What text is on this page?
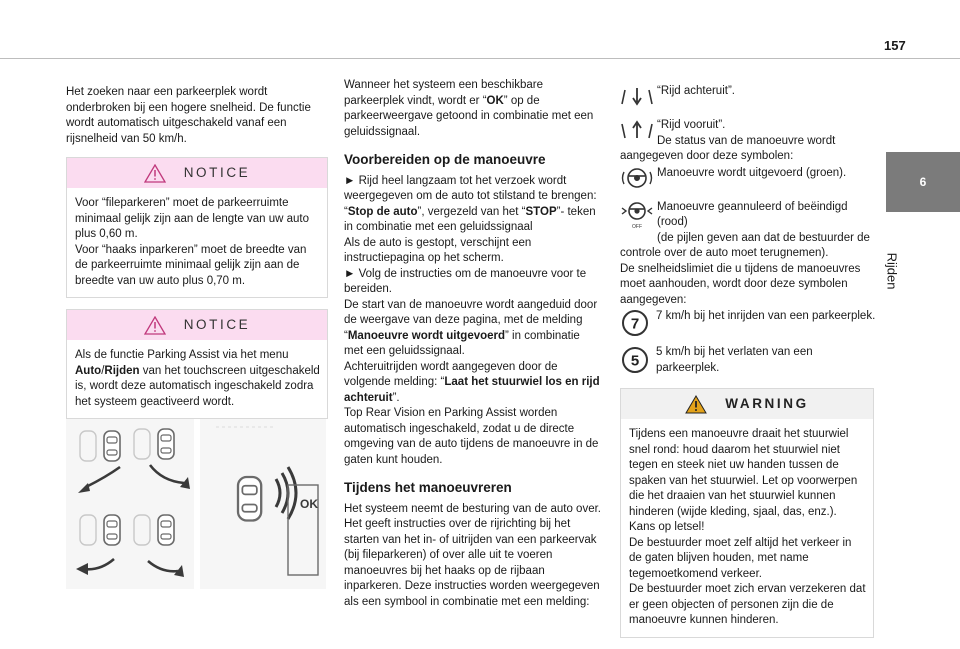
157
6
Rijden

Het zoeken naar een parkeerplek wordt onderbroken bij een hogere snelheid. De functie wordt automatisch uitgeschakeld vanaf een rijsnelheid van 50 km/h.

NOTICE

Voor “fileparkeren” moet de parkeerruimte minimaal gelijk zijn aan de lengte van uw auto plus 0,60 m.

Voor “haaks inparkeren” moet de breedte van de parkeerruimte minimaal gelijk zijn aan de breedte van uw auto plus 0,70 m.

NOTICE

Als de functie Parking Assist via het menu Auto/Rijden van het touchscreen uitgeschakeld is, wordt deze automatisch ingeschakeld zodra het systeem geactiveerd wordt.

OK

Wanneer het systeem een beschikbare parkeerplek vindt, wordt er “OK” op de parkeerweergave getoond in combinatie met een geluidssignaal.

Voorbereiden op de manoeuvre

► Rijd heel langzaam tot het verzoek wordt weergegeven om de auto tot stilstand te brengen: “Stop de auto”, vergezeld van het “STOP”- teken in combinatie met een geluidssignaal

Als de auto is gestopt, verschijnt een instructiepagina op het scherm.

► Volg de instructies om de manoeuvre voor te bereiden.

De start van de manoeuvre wordt aangeduid door de weergave van deze pagina, met de melding “Manoeuvre wordt uitgevoerd” in combinatie met een geluidssignaal.

Achteruitrijden wordt aangegeven door de volgende melding: “Laat het stuurwiel los en rijd achteruit”.

Top Rear Vision en Parking Assist worden automatisch ingeschakeld, zodat u de directe omgeving van de auto tijdens de manoeuvre in de gaten kunt houden.

Tijdens het manoeuvreren

Het systeem neemt de besturing van de auto over. Het geeft instructies over de rijrichting bij het starten van het in- of uitrijden van een parkeervak (bij fileparkeren) of over alle uit te voeren manoeuvres bij het haaks op de rijbaan inparkeren. Deze instructies worden weergegeven als een symbool in combinatie met een melding:

“Rijd achteruit”.

“Rijd vooruit”.

De status van de manoeuvre wordt

aangegeven door deze symbolen:

Manoeuvre wordt uitgevoerd (groen).
OFF

Manoeuvre geannuleerd of beëindigd (rood)

(de pijlen geven aan dat de bestuurder de

controle over de auto moet terugnemen).

De snelheidslimiet die u tijdens de manoeuvres moet aanhouden, wordt door deze symbolen aangegeven:

7 7 km/h bij het inrijden van een parkeerplek.
5

5 km/h bij het verlaten van een

parkeerplek.

WARNING

Tijdens een manoeuvre draait het stuurwiel snel rond: houd daarom het stuurwiel niet tegen en steek niet uw handen tussen de spaken van het stuurwiel. Let op voorwerpen die het draaien van het stuurwiel kunnen hinderen (wijde kleding, sjaal, das, enz.). Kans op letsel!

De bestuurder moet zelf altijd het verkeer in de gaten blijven houden, met name tegemoetkomend verkeer.

De bestuurder moet zich ervan verzekeren dat er geen objecten of personen zijn die de manoeuvre kunnen hinderen.
